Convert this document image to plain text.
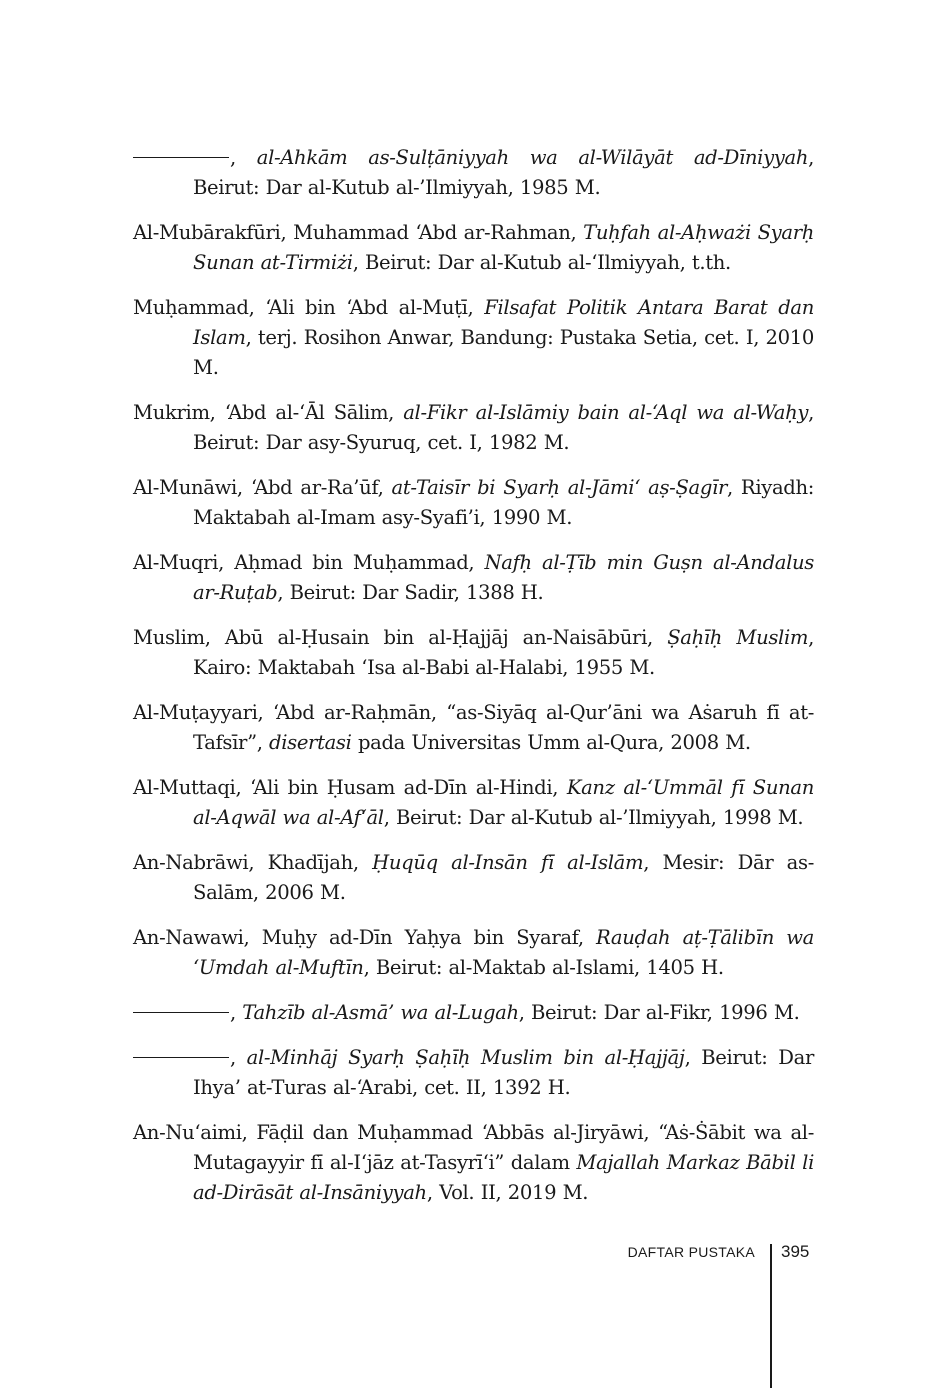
, al-Ahkām as-Sulṭāniyyah wa al-Wilāyāt ad-Dīniyyah, Beirut: Dar al-Kutub al-’Ilmiyyah, 1985 M.

Al-Mubārakfūri, Muhammad ‘Abd ar-Rahman, Tuḥfah al-Aḥważi Syarḥ Sunan at-Tirmiżi, Beirut: Dar al-Kutub al-‘Ilmiyyah, t.th.

Muḥammad, ‘Ali bin ‘Abd al-Muṭī, Filsafat Politik Antara Barat dan Islam, terj. Rosihon Anwar, Bandung: Pustaka Setia, cet. I, 2010 M.

Mukrim, ‘Abd al-‘Āl Sālim, al-Fikr al-Islāmiy bain al-‘Aql wa al-Waḥy, Beirut: Dar asy-Syuruq, cet. I, 1982 M.

Al-Munāwi, ‘Abd ar-Ra’ūf, at-Taisīr bi Syarḥ al-Jāmi‘ aṣ-Ṣagīr, Riyadh: Maktabah al-Imam asy-Syafi’i, 1990 M.

Al-Muqri, Aḥmad bin Muḥammad, Nafḥ al-Ṭīb min Guṣn al-Andalus ar-Ruṭab, Beirut: Dar Sadir, 1388 H.

Muslim, Abū al-Ḥusain bin al-Ḥajjāj an-Naisābūri, Ṣaḥīḥ Muslim, Kairo: Maktabah ‘Isa al-Babi al-Halabi, 1955 M.

Al-Muṭayyari, ‘Abd ar-Raḥmān, “as-Siyāq al-Qur’āni wa Aṡaruh fī at-Tafsīr”, disertasi pada Universitas Umm al-Qura, 2008 M.

Al-Muttaqi, ‘Ali bin Ḥusam ad-Dīn al-Hindi, Kanz al-‘Ummāl fī Sunan al-Aqwāl wa al-Af‘āl, Beirut: Dar al-Kutub al-’Ilmiyyah, 1998 M.

An-Nabrāwi, Khadījah, Ḥuqūq al-Insān fī al-Islām, Mesir: Dār as-Salām, 2006 M.

An-Nawawi, Muḥy ad-Dīn Yaḥya bin Syaraf, Rauḍah aṭ-Ṭālibīn wa ‘Umdah al-Muftīn, Beirut: al-Maktab al-Islami, 1405 H.

, Tahzīb al-Asmā’ wa al-Lugah, Beirut: Dar al-Fikr, 1996 M.

, al-Minhāj Syarḥ Ṣaḥīḥ Muslim bin al-Ḥajjāj, Beirut: Dar Ihya’ at-Turas al-‘Arabi, cet. II, 1392 H.

An-Nu‘aimi, Fāḍil dan Muḥammad ‘Abbās al-Jiryāwi, “Aṡ-Ṡābit wa al-Mutagayyir fī al-I‘jāz at-Tasyrī‘i” dalam Majallah Markaz Bābil li ad-Dirāsāt al-Insāniyyah, Vol. II, 2019 M.

DAFTAR PUSTAKA 395
